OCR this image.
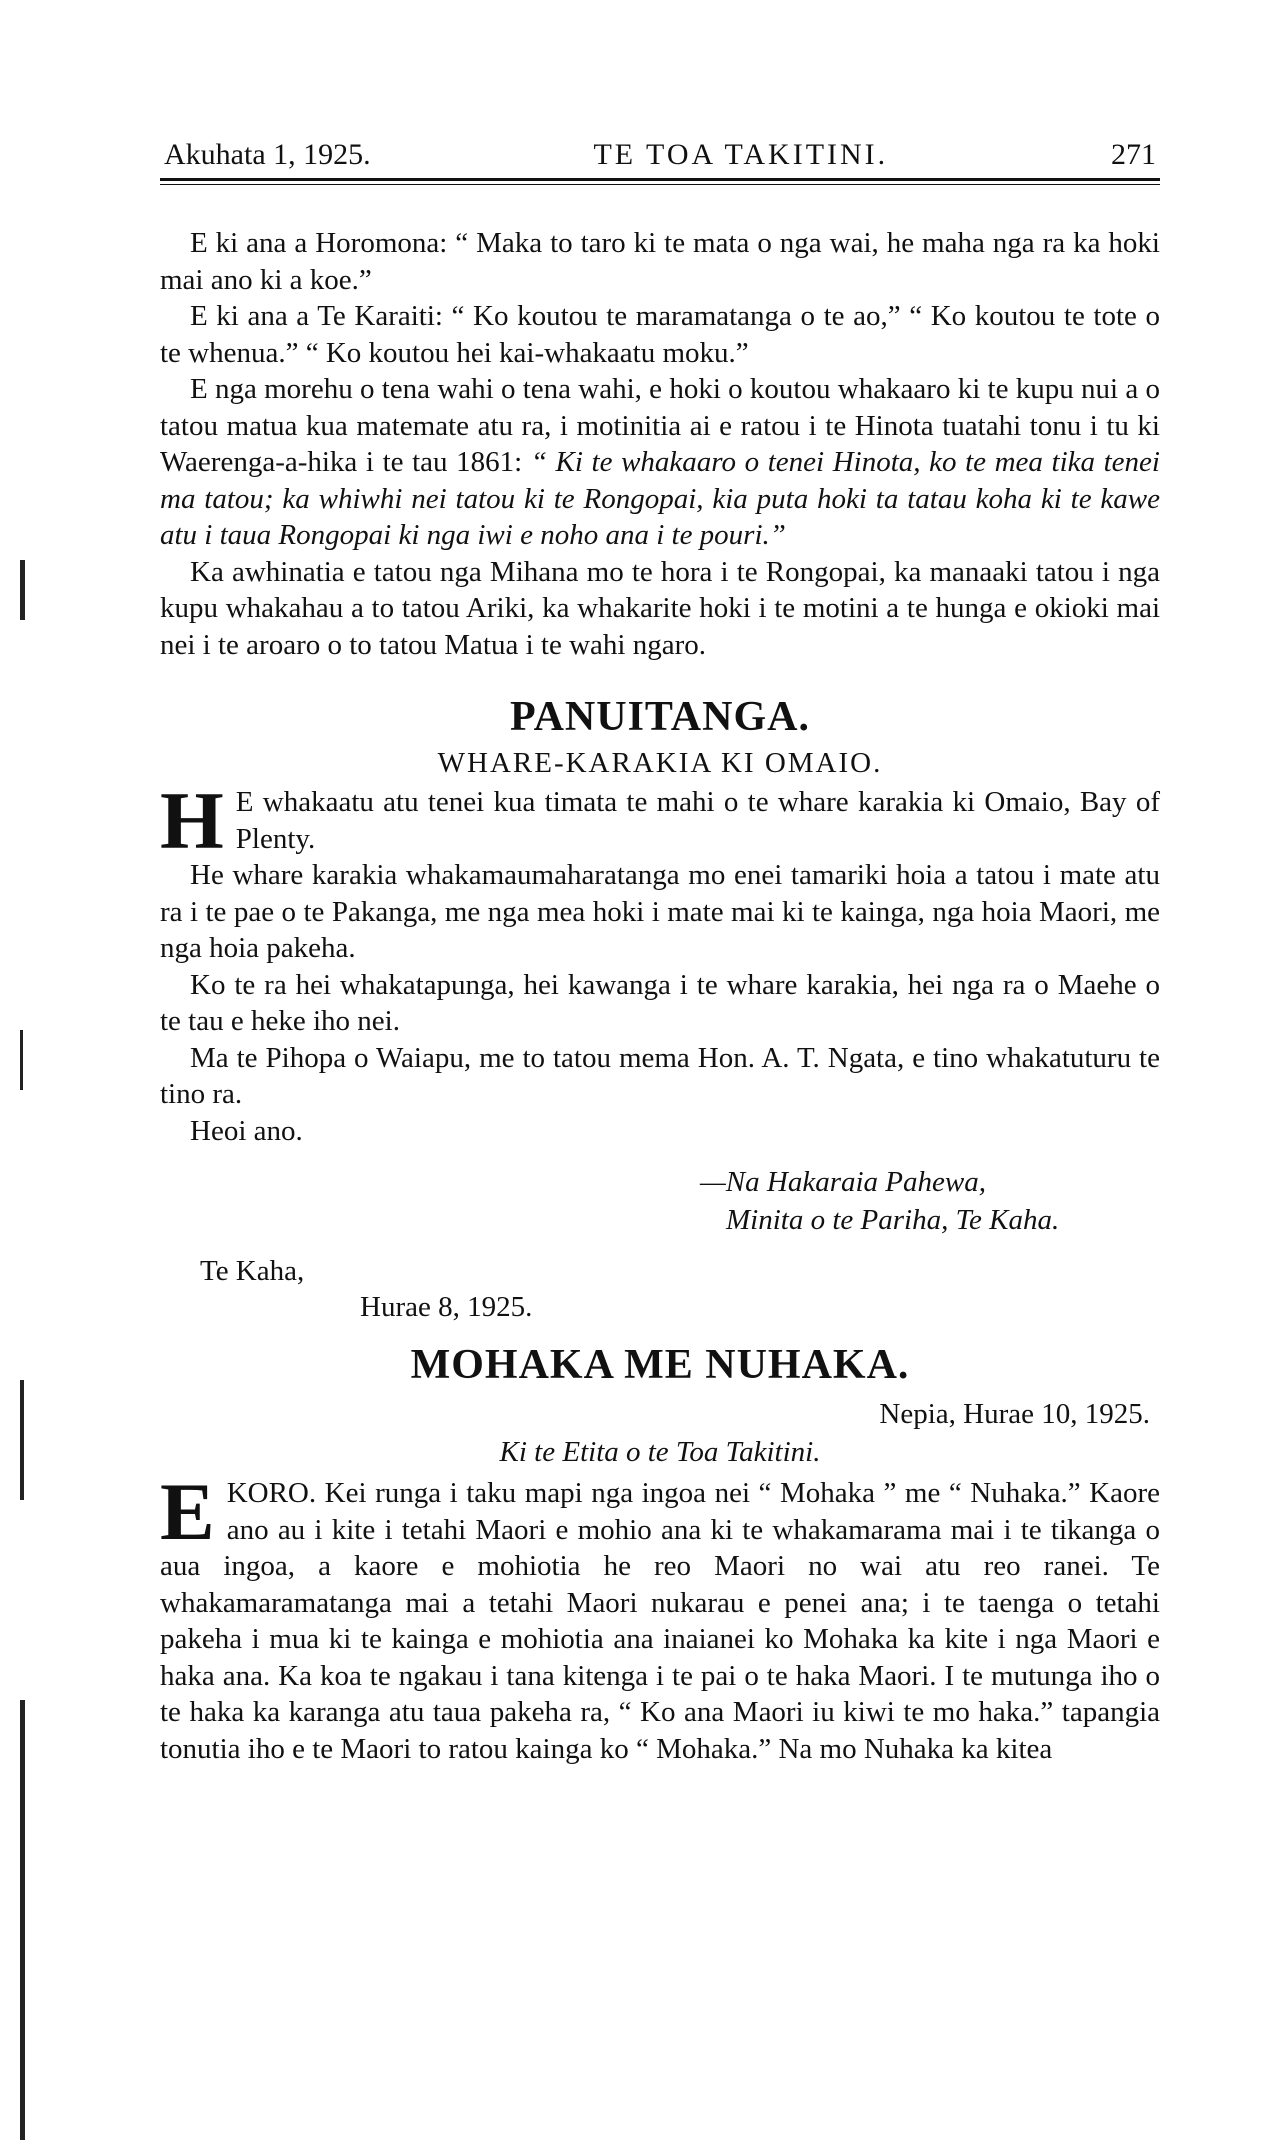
Akuhata 1, 1925.	TE TOA TAKITINI.	271

E ki ana a Horomona: “ Maka to taro ki te mata o nga wai, he maha nga ra ka hoki mai ano ki a koe.”

E ki ana a Te Karaiti: “ Ko koutou te maramatanga o te ao,” “ Ko koutou te tote o te whenua.” “ Ko koutou hei kai-whakaatu moku.”

E nga morehu o tena wahi o tena wahi, e hoki o koutou whakaaro ki te kupu nui a o tatou matua kua matemate atu ra, i motinitia ai e ratou i te Hinota tuatahi tonu i tu ki Waerenga-a-hika i te tau 1861: “ Ki te whakaaro o tenei Hinota, ko te mea tika tenei ma tatou; ka whiwhi nei tatou ki te Rongopai, kia puta hoki ta tatau koha ki te kawe atu i taua Rongopai ki nga iwi e noho ana i te pouri.”

Ka awhinatia e tatou nga Mihana mo te hora i te Rongopai, ka manaaki tatou i nga kupu whakahau a to tatou Ariki, ka whakarite hoki i te motini a te hunga e okioki mai nei i te aroaro o to tatou Matua i te wahi ngaro.

PANUITANGA.
WHARE-KARAKIA KI OMAIO.

H E whakaatu atu tenei kua timata te mahi o te whare karakia ki Omaio, Bay of Plenty.

He whare karakia whakamaumaharatanga mo enei tamariki hoia a tatou i mate atu ra i te pae o te Pakanga, me nga mea hoki i mate mai ki te kainga, nga hoia Maori, me nga hoia pakeha.

Ko te ra hei whakatapunga, hei kawanga i te whare karakia, hei nga ra o Maehe o te tau e heke iho nei.

Ma te Pihopa o Waiapu, me to tatou mema Hon. A. T. Ngata, e tino whakatuturu te tino ra.

Heoi ano.

—Na Hakaraia Pahewa,
Minita o te Pariha, Te Kaha.
Te Kaha,
Hurae 8, 1925.
MOHAKA ME NUHAKA.
Nepia, Hurae 10, 1925.
Ki te Etita o te Toa Takitini.

EKORO. Kei runga i taku mapi nga ingoa nei “ Mohaka ” me “ Nuhaka.” Kaore ano au i kite i tetahi Maori e mohio ana ki te whakamarama mai i te tikanga o aua ingoa, a kaore e mohiotia he reo Maori no wai atu reo ranei. Te whakamaramatanga mai a tetahi Maori nukarau e penei ana; i te taenga o tetahi pakeha i mua ki te kainga e mohiotia ana inaianei ko Mohaka ka kite i nga Maori e haka ana. Ka koa te ngakau i tana kitenga i te pai o te haka Maori. I te mutunga iho o te haka ka karanga atu taua pakeha ra, “ Ko ana Maori iu kiwi te mo haka.” tapangia tonutia iho e te Maori to ratou kainga ko “ Mohaka.” Na mo Nuhaka ka kitea
